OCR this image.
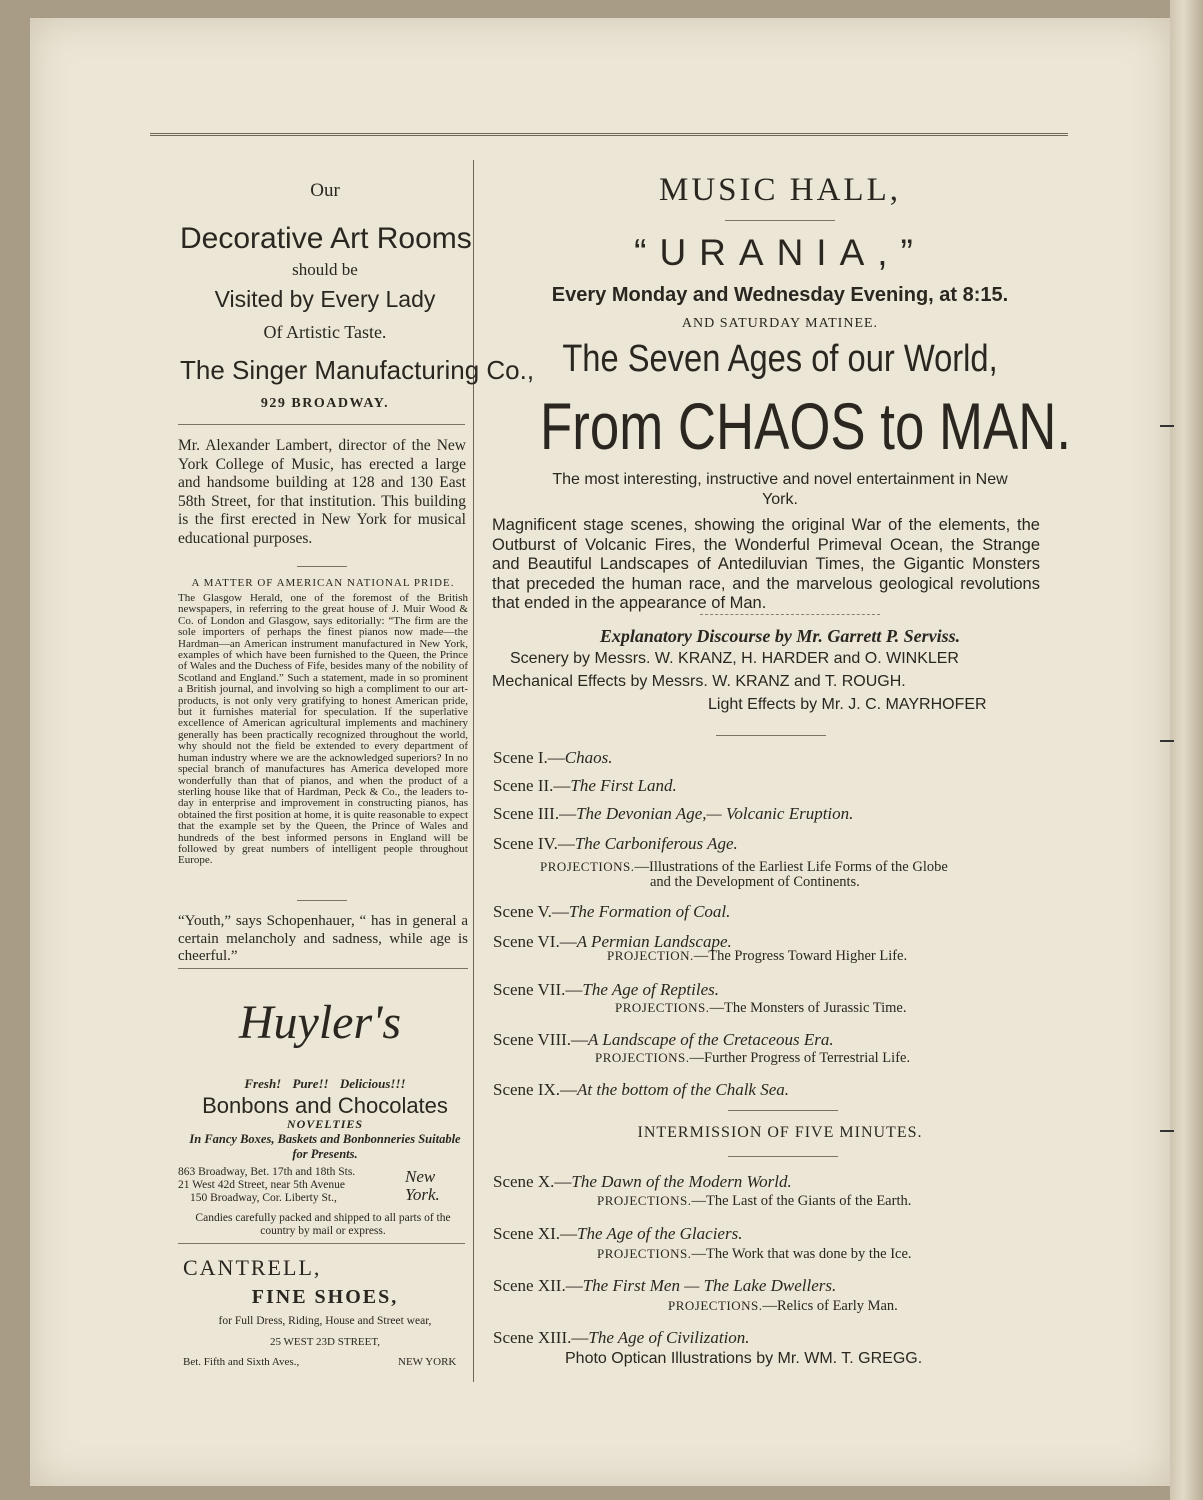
Our
Decorative Art Rooms
should be
Visited by Every Lady
Of Artistic Taste.
The Singer Manufacturing Co.,
929 BROADWAY.
Mr. Alexander Lambert, director of the New York College of Music, has erected a large and handsome building at 128 and 130 East 58th Street, for that institution. This building is the first erected in New York for musical educational purposes.
A MATTER OF AMERICAN NATIONAL PRIDE.
The Glasgow Herald, one of the foremost of the British newspapers, in referring to the great house of J. Muir Wood & Co. of London and Glasgow, says editorially: “The firm are the sole importers of perhaps the finest pianos now made—the Hardman—an American instrument manufactured in New York, examples of which have been furnished to the Queen, the Prince of Wales and the Duchess of Fife, besides many of the nobility of Scotland and England.” Such a statement, made in so prominent a British journal, and involving so high a compliment to our art-products, is not only very gratifying to honest American pride, but it furnishes material for speculation. If the superlative excellence of American agricultural implements and machinery generally has been practically recognized throughout the world, why should not the field be extended to every department of human industry where we are the acknowledged superiors? In no special branch of manufactures has America developed more wonderfully than that of pianos, and when the product of a sterling house like that of Hardman, Peck & Co., the leaders to-day in enterprise and improvement in constructing pianos, has obtained the first position at home, it is quite reasonable to expect that the example set by the Queen, the Prince of Wales and hundreds of the best informed persons in England will be followed by great numbers of intelligent people throughout Europe.
“Youth,” says Schopenhauer, “ has in general a certain melancholy and sadness, while age is cheerful.”
Huyler's
Fresh! Pure!! Delicious!!!
Bonbons and Chocolates
NOVELTIES
In Fancy Boxes, Baskets and Bonbonneries Suitable for Presents.
863 Broadway, Bet. 17th and 18th Sts.
21 West 42d Street, near 5th Avenue
150 Broadway, Cor. Liberty St.,
New York.
Candies carefully packed and shipped to all parts of the country by mail or express.
CANTRELL,
FINE SHOES,
for Full Dress, Riding, House and Street wear,
25 WEST 23D STREET,
Bet. Fifth and Sixth Aves.,	NEW YORK
MUSIC HALL,
“URANIA,”
Every Monday and Wednesday Evening, at 8:15.
AND SATURDAY MATINEE.
The Seven Ages of our World,
From CHAOS to MAN.
The most interesting, instructive and novel entertainment in New York.
Magnificent stage scenes, showing the original War of the elements, the Outburst of Volcanic Fires, the Wonderful Primeval Ocean, the Strange and Beautiful Landscapes of Antediluvian Times, the Gigantic Monsters that preceded the human race, and the marvelous geological revolutions that ended in the appearance of Man.
Explanatory Discourse by Mr. Garrett P. Serviss.
Scenery by Messrs. W. KRANZ, H. HARDER and O. WINKLER
Mechanical Effects by Messrs. W. KRANZ and T. ROUGH.
Light Effects by Mr. J. C. MAYRHOFER
Scene I.—Chaos.
Scene II.—The First Land.
Scene III.—The Devonian Age,— Volcanic Eruption.
Scene IV.—The Carboniferous Age.
PROJECTIONS.—Illustrations of the Earliest Life Forms of the Globe
and the Development of Continents.
Scene V.—The Formation of Coal.
Scene VI.—A Permian Landscape.
PROJECTION.—The Progress Toward Higher Life.
Scene VII.—The Age of Reptiles.
PROJECTIONS.—The Monsters of Jurassic Time.
Scene VIII.—A Landscape of the Cretaceous Era.
PROJECTIONS.—Further Progress of Terrestrial Life.
Scene IX.—At the bottom of the Chalk Sea.
INTERMISSION OF FIVE MINUTES.
Scene X.—The Dawn of the Modern World.
PROJECTIONS.—The Last of the Giants of the Earth.
Scene XI.—The Age of the Glaciers.
PROJECTIONS.—The Work that was done by the Ice.
Scene XII.—The First Men — The Lake Dwellers.
PROJECTIONS.—Relics of Early Man.
Scene XIII.—The Age of Civilization.
Photo Optican Illustrations by Mr. WM. T. GREGG.
